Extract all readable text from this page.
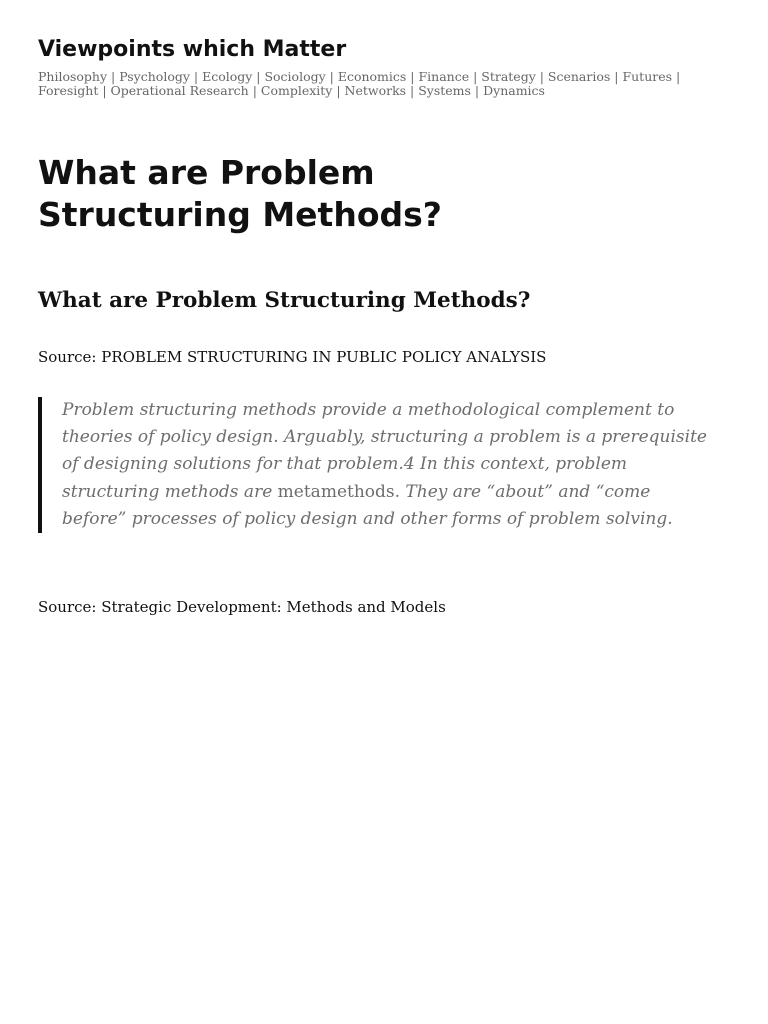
Viewpoints which Matter

Philosophy | Psychology | Ecology | Sociology | Economics | Finance | Strategy | Scenarios | Futures | Foresight | Operational Research | Complexity | Networks | Systems | Dynamics

What are Problem Structuring Methods?
What are Problem Structuring Methods?

Source: PROBLEM STRUCTURING IN PUBLIC POLICY ANALYSIS

Problem structuring methods provide a methodological complement to theories of policy design. Arguably, structuring a problem is a prerequisite of designing solutions for that problem.4 In this context, problem structuring methods are metamethods. They are “about” and “come before” processes of policy design and other forms of problem solving.

Source: Strategic Development: Methods and Models
